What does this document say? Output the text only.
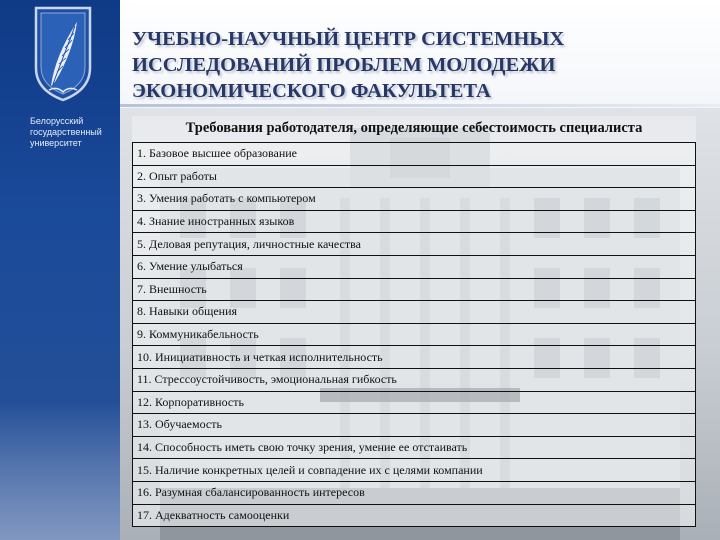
Белорусский
государственный
университет
УЧЕБНО-НАУЧНЫЙ ЦЕНТР СИСТЕМНЫХ
ИССЛЕДОВАНИЙ ПРОБЛЕМ МОЛОДЕЖИ
ЭКОНОМИЧЕСКОГО ФАКУЛЬТЕТА
Требования работодателя, определяющие себестоимость специалиста
1. Базовое высшее образование
2. Опыт работы
3. Умения работать с компьютером
4. Знание иностранных языков
5. Деловая репутация, личностные качества
6. Умение улыбаться
7. Внешность
8. Навыки общения
9. Коммуникабельность
10. Инициативность и четкая исполнительность
11. Стрессоустойчивость, эмоциональная гибкость
12. Корпоративность
13. Обучаемость
14. Способность иметь свою точку зрения, умение ее отстаивать
15. Наличие конкретных целей и совпадение их с целями компании
16. Разумная сбалансированность интересов
17. Адекватность самооценки
